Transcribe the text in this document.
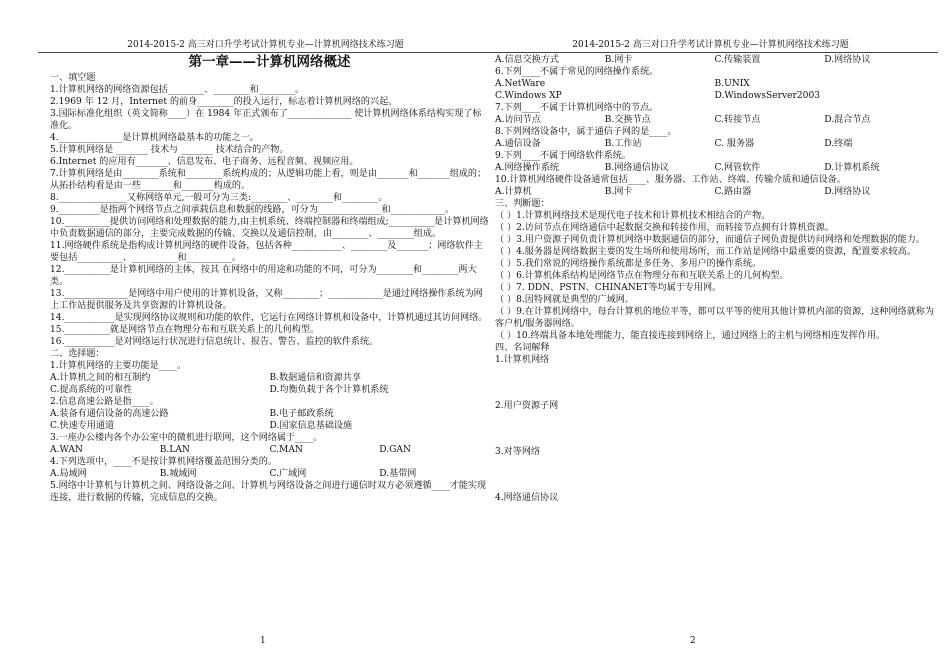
2014-2015-2 高三对口升学考试计算机专业—计算机网络技术练习题

第一章——计算机网络概述

一、填空题

1.计算机网络的网络资源包括________、________和________。

2.1969 年 12 月，Internet 的前身________的投入运行，标志着计算机网络的兴起。

3.国际标准化组织（英文简称____）在 1984 年正式颁布了______________ 使计算机网络体系结构实现了标准化。

4.______________是计算机网络最基本的功能之一。

5.计算机网络是 _______ 技术与 _______ 技术结合的产物。

6.Internet 的应用有_______、信息发布、电子商务、远程音频、视频应用。

7.计算机网络是由________系统和________系统构成的；从逻辑功能上看，则是由_______和_______组成的；从拓扑结构看是由一些_______和_______构成的。

8._______________又称网络单元,一般可分为三类:________、________和________。

9._________是指两个网络节点之间承载信息和数据的线路，可分为______________和____________。

10.__________提供访问网络和处理数据的能力,由主机系统、终端控制器和终端组成;__________是计算机网络中负责数据通信的部分，主要完成数据的传输、交换以及通信控制，由________、________组成。

11.网络硬件系统是指构成计算机网络的硬件设备，包括各种___________、________及_______；网络软件主要包括__________、__________和__________。

12.__________是计算机网络的主体，按其 在网络中的用途和功能的不同，可分为________和________两大类。

13.______________是网络中用户使用的计算机设备，又称________；____________是通过网络操作系统为网上工作站提供服务及共享资源的计算机设备。

14.___________是实现网络协议规则和功能的软件，它运行在网络计算机和设备中，计算机通过其访问网络。

15.__________就是网络节点在物理分布和互联关系上的几何构型。

16.___________是对网络运行状况进行信息统计、报告、警告、监控的软件系统。

二、选择题：

1.计算机网络的主要功能是____。

A.计算机之间的相互制约	B.数据通信和资源共享
C.提高系统的可靠性	D.均衡负载于各个计算机系统

2.信息高速公路是指____。

A.装备有通信设备的高速公路	B.电子邮政系统
C.快速专用通道	D.国家信息基础设施

3.一座办公楼内各个办公室中的微机进行联网，这个网络属于____。

A.WAN	B.LAN	C.MAN	D.GAN

4.下列选项中，____不是按计算机网络覆盖范围分类的。

A.局域网	B.城域网	C.广域网	D.基带网

5.网络中计算机与计算机之间、网络设备之间、计算机与网络设备之间进行通信时双方必须遵循____才能实现连接，进行数据的传输，完成信息的交换。

2014-2015-2 高三对口升学考试计算机专业—计算机网络技术练习题
A.信息交换方式	B.网卡	C.传输装置	D.网络协议

6.下列____不属于常见的网络操作系统。

A.NetWare	B.UNIX
C.Windows XP	D.WindowsServer2003

7.下列____不属于计算机网络中的节点。

A.访问节点	B.交换节点	C.转接节点	D.混合节点

8.下列网络设备中，属于通信子网的是____。

A.通信设备	B.工作站	C. 服务器	D.终端

9.下列____不属于网络软件系统。

A.网络操作系统	B.网络通信协议	C.网管软件	D.计算机系统

10.计算机网络硬件设备通常包括____、服务器、工作站、终端、传输介质和通信设备。

A.计算机	B.网卡	C.路由器	D.网络协议

三、判断题：

（ ）1.计算机网络技术是现代电子技术和计算机技术相结合的产物。

（ ）2.访问节点在网络通信中起数据交换和转接作用，而转接节点拥有计算机资源。

（ ）3.用户资源子网负责计算机网络中数据通信的部分，而通信子网负责提供访问网络和处理数据的能力。

（ ）4.服务器是网络数据主要的发生场所和使用场所，而工作站是网络中最重要的资源，配置要求较高。

（ ）5.我们常说的网络操作系统都是多任务、多用户的操作系统。

（ ）6.计算机体系结构是网络节点在物理分布和互联关系上的几何构型。

（ ）7. DDN、PSTN、CHINANET等均属于专用网。

（ ）8.因特网就是典型的广域网。

（ ）9.在计算机网络中，每台计算机的地位平等，都可以平等的使用其他计算机内部的资源，这种网络就称为客户机/服务器网络。

（ ）10.终端具备本地处理能力，能直接连接到网络上，通过网络上的主机与网络相连发挥作用。

四、名词解释

1.计算机网络

2.用户资源子网

3.对等网络

4.网络通信协议

1	2
